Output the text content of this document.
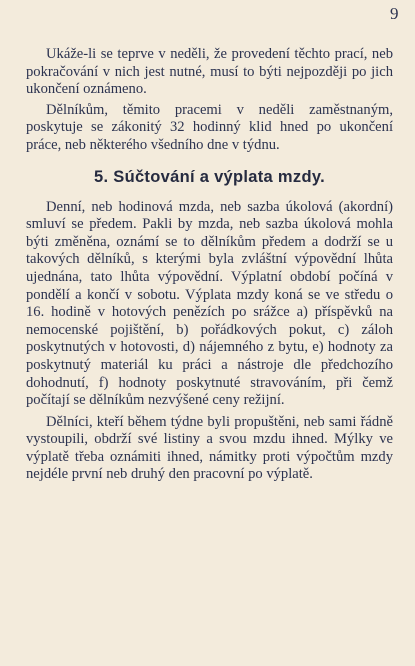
9

Ukáže-li se teprve v neděli, že provedení těchto prací, neb pokračování v nich jest nutné, musí to býti nejpozději po jich ukončení oznámeno.

Dělníkům, těmito pracemi v neděli zaměstnaným, poskytuje se zákonitý 32 hodinný klid hned po ukončení práce, neb některého všedního dne v týdnu.

5. Súčtování a výplata mzdy.

Denní, neb hodinová mzda, neb sazba úkolová (akordní) smluví se předem. Pakli by mzda, neb sazba úkolová mohla býti změněna, oznámí se to dělníkům předem a dodrží se u takových dělníků, s kterými byla zvláštní výpovědní lhůta ujednána, tato lhůta výpovědní. Výplatní období počíná v pondělí a končí v sobotu. Výplata mzdy koná se ve středu o 16. hodině v hotových penězích po srážce a) příspěvků na nemocenské pojištění, b) pořádkových pokut, c) záloh poskytnutých v hotovosti, d) nájemného z bytu, e) hodnoty za poskytnutý materiál ku práci a nástroje dle předchozího dohodnutí, f) hodnoty poskytnuté stravováním, při čemž počítají se dělníkům nezvýšené ceny režijní.

Dělníci, kteří během týdne byli propuštěni, neb sami řádně vystoupili, obdrží své listiny a svou mzdu ihned. Mýlky ve výplatě třeba oznámiti ihned, námitky proti výpočtům mzdy nejdéle první neb druhý den pracovní po výplatě.
